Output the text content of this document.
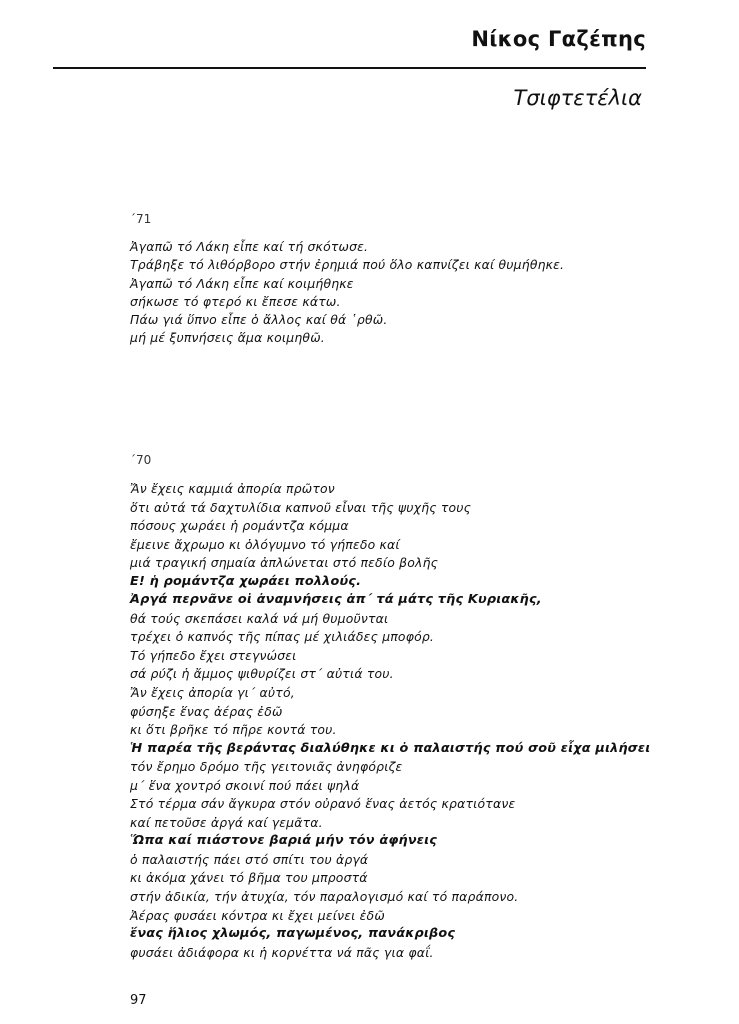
Νίκος Γαζέπης
Τσιφτετέλια
΄71
Ἀγαπῶ τό Λάκη εἶπε καί τή σκότωσε.
Τράβηξε τό λιθόρβορο στήν ἐρημιά πού ὅλο καπνίζει καί θυμήθηκε.
Ἀγαπῶ τό Λάκη εἶπε καί κοιμήθηκε
σήκωσε τό φτερό κι ἔπεσε κάτω.
Πάω γιά ὕπνο εἶπε ὁ ἄλλος καί θά ῾ρθῶ.
μή μέ ξυπνήσεις ἅμα κοιμηθῶ.
΄70
Ἄν ἔχεις καμμιά ἀπορία πρῶτον
ὅτι αὐτά τά δαχτυλίδια καπνοῦ εἶναι τῆς ψυχῆς τους
πόσους χωράει ἡ ρομάντζα κόμμα
ἔμεινε ἄχρωμο κι ὁλόγυμνο τό γήπεδο καί
μιά τραγική σημαία ἀπλώνεται στό πεδίο βολῆς
Ε! ἡ ρομάντζα χωράει πολλούς.
Ἀργά περνᾶνε οἱ ἀναμνήσεις ἀπ΄ τά μάτς τῆς Κυριακῆς,
θά τούς σκεπάσει καλά νά μή θυμοῦνται
τρέχει ὁ καπνός τῆς πίπας μέ χιλιάδες μποφόρ.
Τό γήπεδο ἔχει στεγνώσει
σά ρύζι ἡ ἄμμος ψιθυρίζει στ΄ αὐτιά του.
Ἄν ἔχεις ἀπορία γι΄ αὐτό,
φύσηξε ἕνας ἀέρας ἐδῶ
κι ὅτι βρῆκε τό πῆρε κοντά του.
Ἡ παρέα τῆς βεράντας διαλύθηκε κι ὁ παλαιστής πού σοῦ εἶχα μιλήσει
τόν ἔρημο δρόμο τῆς γειτονιᾶς ἀνηφόριζε
μ΄ ἕνα χοντρό σκοινί πού πάει ψηλά
Στό τέρμα σάν ἄγκυρα στόν οὐρανό ἕνας ἀετός κρατιότανε
καί πετοῦσε ἀργά καί γεμᾶτα.
Ὥπα καί πιάστονε βαριά μήν τόν ἀφήνεις
ὁ παλαιστής πάει στό σπίτι του ἀργά
κι ἀκόμα χάνει τό βῆμα του μπροστά
στήν ἀδικία, τήν ἀτυχία, τόν παραλογισμό καί τό παράπονο.
Ἀέρας φυσάει κόντρα κι ἔχει μείνει ἐδῶ
ἕνας ἥλιος χλωμός, παγωμένος, πανάκριβος
φυσάει ἀδιάφορα κι ἡ κορνέττα νά πᾶς για φαΐ.
97
